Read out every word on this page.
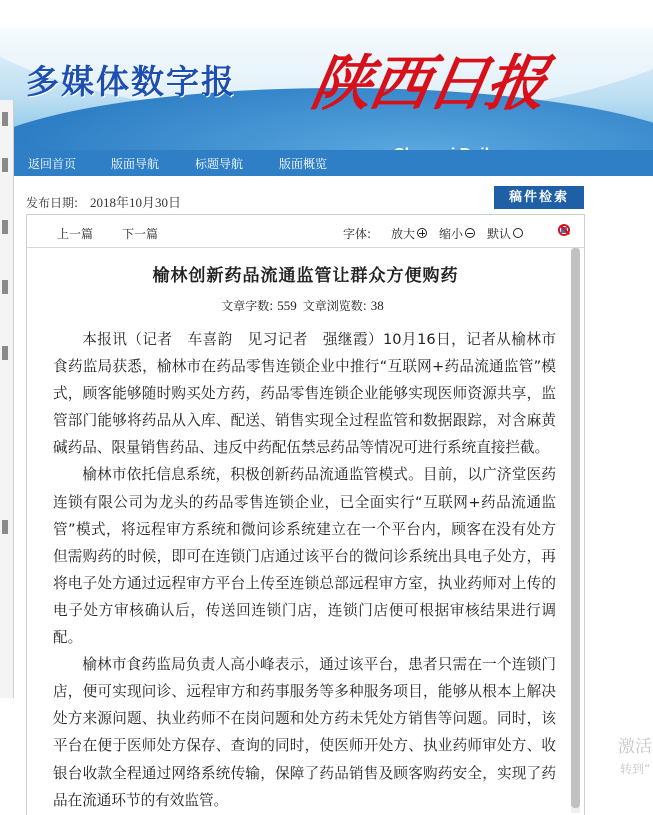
多媒体数字报 陕西日报
返回首页	版面导航	标题导航	版面概览
发布日期: 2018年10月30日	稿件检索
上一篇 下一篇	字体: 放大	缩小	默认
榆林创新药品流通监管让群众方便购药
文章字数: 559 文章浏览数: 38

本报讯（记者　车喜韵　见习记者　强继霞）10月16日，记者从榆林市食药监局获悉，榆林市在药品零售连锁企业中推行“互联网+药品流通监管”模式，顾客能够随时购买处方药，药品零售连锁企业能够实现医师资源共享，监管部门能够将药品从入库、配送、销售实现全过程监管和数据跟踪，对含麻黄碱药品、限量销售药品、违反中药配伍禁忌药品等情况可进行系统直接拦截。

榆林市依托信息系统，积极创新药品流通监管模式。目前，以广济堂医药连锁有限公司为龙头的药品零售连锁企业，已全面实行“互联网+药品流通监管”模式，将远程审方系统和微问诊系统建立在一个平台内，顾客在没有处方但需购药的时候，即可在连锁门店通过该平台的微问诊系统出具电子处方，再将电子处方通过远程审方平台上传至连锁总部远程审方室，执业药师对上传的电子处方审核确认后，传送回连锁门店，连锁门店便可根据审核结果进行调配。

榆林市食药监局负责人高小峰表示，通过该平台，患者只需在一个连锁门店，便可实现问诊、远程审方和药事服务等多种服务项目，能够从根本上解决处方来源问题、执业药师不在岗问题和处方药未凭处方销售等问题。同时，该平台在便于医师处方保存、查询的同时，使医师开处方、执业药师审处方、收银台收款全程通过网络系统传输，保障了药品销售及顾客购药安全，实现了药品在流通环节的有效监管。

激活
转到“
